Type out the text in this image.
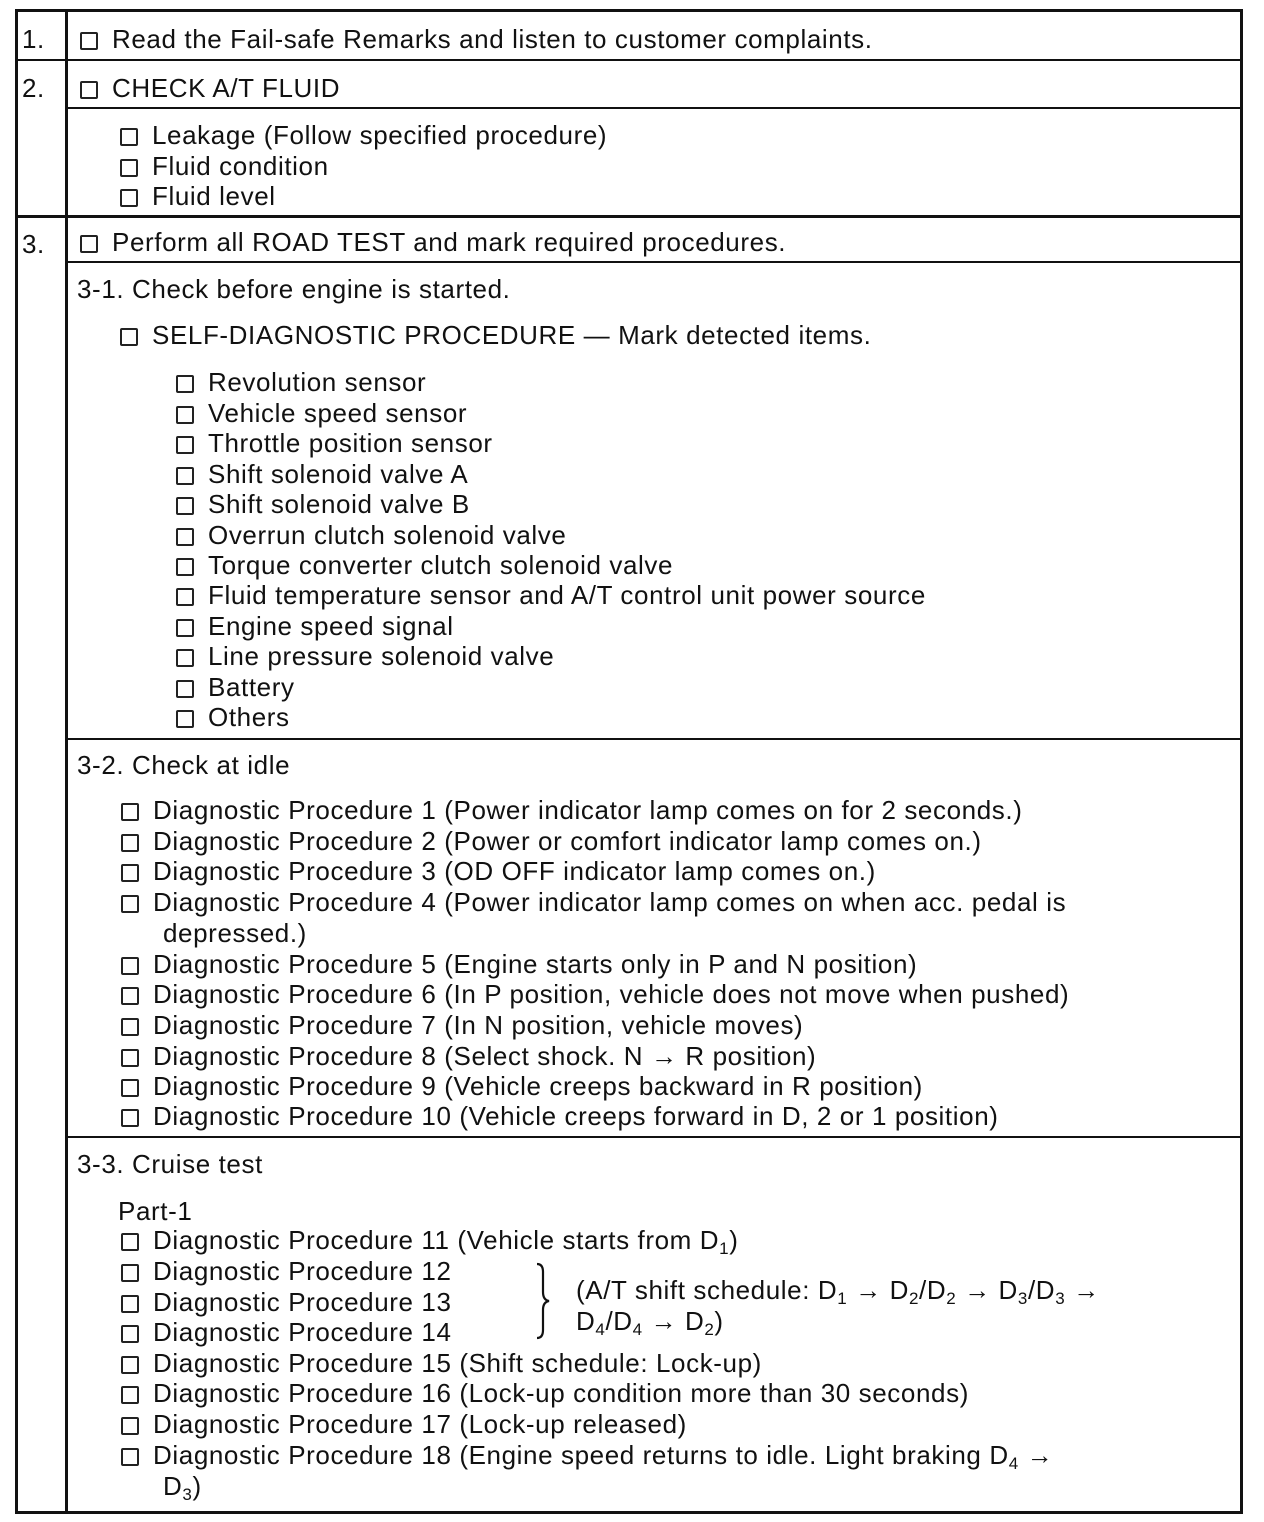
1.
2.
3.
Read the Fail-safe Remarks and listen to customer complaints.
CHECK A/T FLUID
Leakage (Follow specified procedure)
Fluid condition
Fluid level
Perform all ROAD TEST and mark required procedures.
3-1. Check before engine is started.
SELF-DIAGNOSTIC PROCEDURE — Mark detected items.
Revolution sensor
Vehicle speed sensor
Throttle position sensor
Shift solenoid valve A
Shift solenoid valve B
Overrun clutch solenoid valve
Torque converter clutch solenoid valve
Fluid temperature sensor and A/T control unit power source
Engine speed signal
Line pressure solenoid valve
Battery
Others
3-2. Check at idle
Diagnostic Procedure 1 (Power indicator lamp comes on for 2 seconds.)
Diagnostic Procedure 2 (Power or comfort indicator lamp comes on.)
Diagnostic Procedure 3 (OD OFF indicator lamp comes on.)
Diagnostic Procedure 4 (Power indicator lamp comes on when acc. pedal is
depressed.)
Diagnostic Procedure 5 (Engine starts only in P and N position)
Diagnostic Procedure 6 (In P position, vehicle does not move when pushed)
Diagnostic Procedure 7 (In N position, vehicle moves)
Diagnostic Procedure 8 (Select shock. N → R position)
Diagnostic Procedure 9 (Vehicle creeps backward in R position)
Diagnostic Procedure 10 (Vehicle creeps forward in D, 2 or 1 position)
3-3. Cruise test
Part-1
Diagnostic Procedure 11 (Vehicle starts from $D_1$)
Diagnostic Procedure 12
Diagnostic Procedure 13
Diagnostic Procedure 14
(A/T shift schedule: $D_1 \to D_2/D_2 \to D_3/D_3$ →
$D_4/D_4 \to D_2$)
Diagnostic Procedure 15 (Shift schedule: Lock-up)
Diagnostic Procedure 16 (Lock-up condition more than 30 seconds)
Diagnostic Procedure 17 (Lock-up released)
Diagnostic Procedure 18 (Engine speed returns to idle. Light braking $D_4$ →
$D_3$)
